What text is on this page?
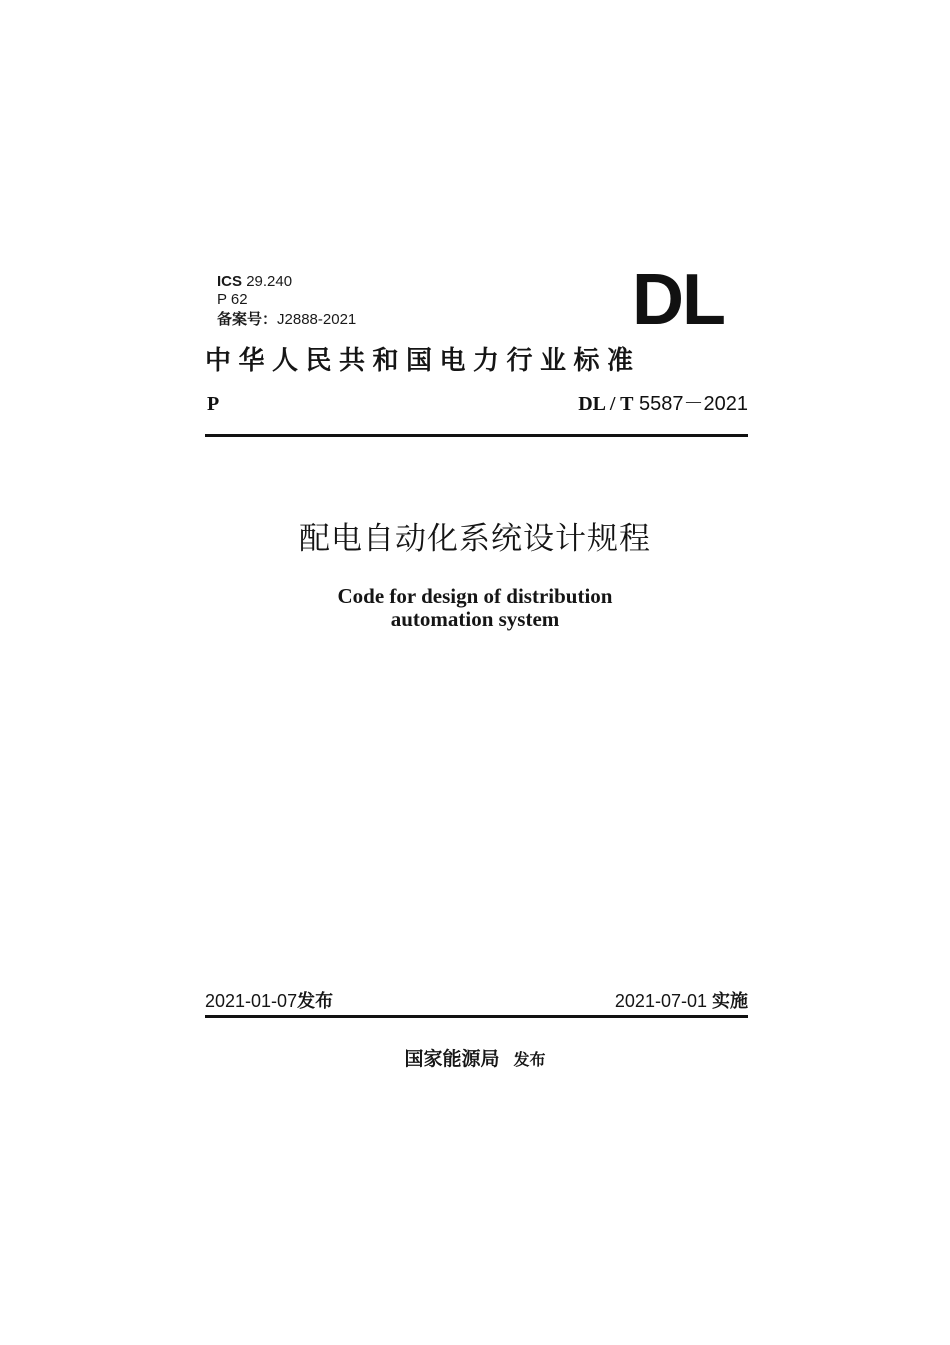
ICS 29.240
P 62
备案号：J2888-2021	DL
中华人民共和国电力行业标准
P	DL / T 5587－2021
配电自动化系统设计规程
Code for design of distribution
automation system
2021-01-07发布	2021-07-01 实施
国家能源局 发布
